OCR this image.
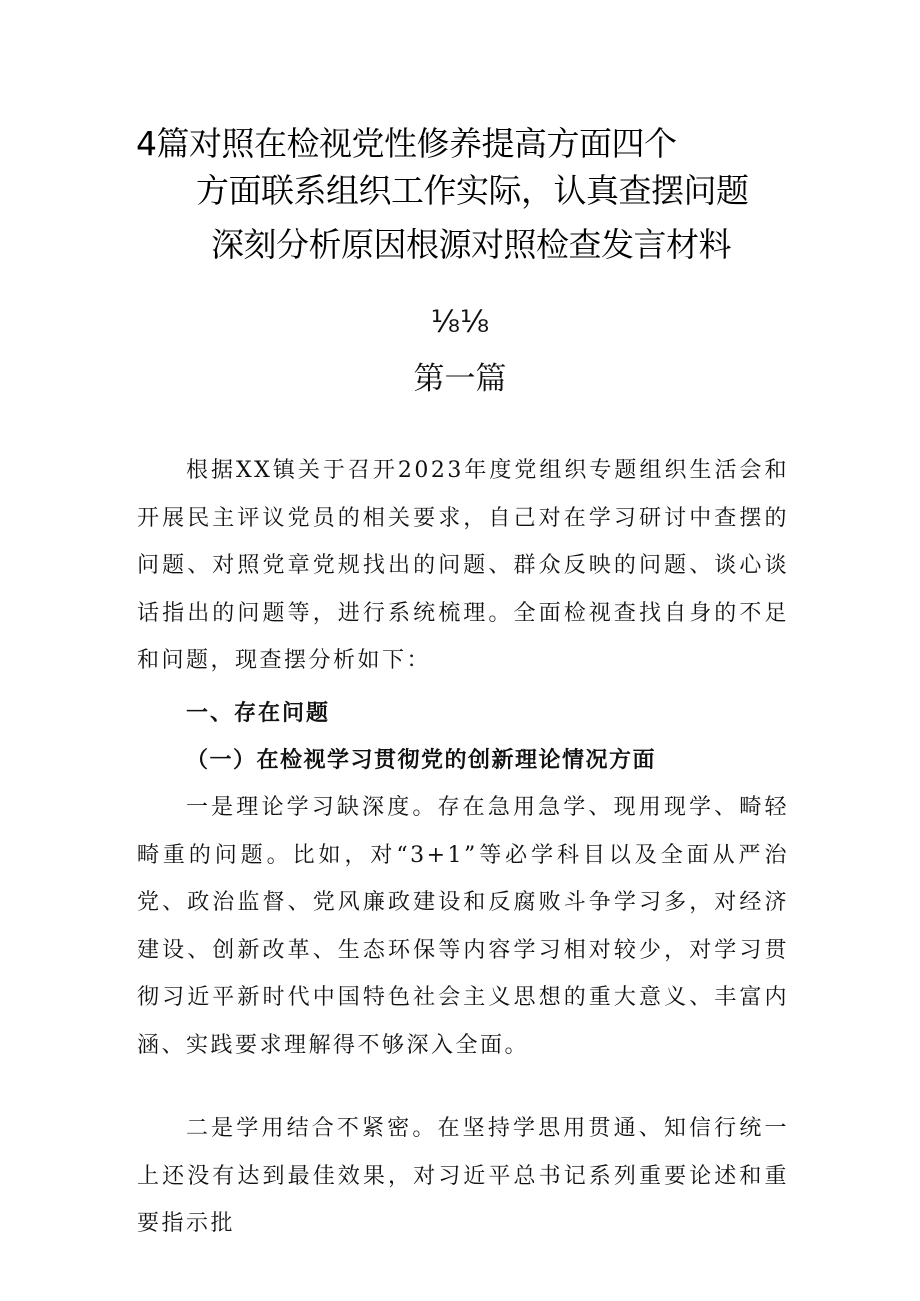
4篇对照在检视党性修养提高方面四个
方面联系组织工作实际，认真查摆问题
深刻分析原因根源对照检查发言材料
⅛⅛
第一篇

根据XX镇关于召开2023年度党组织专题组织生活会和开展民主评议党员的相关要求，自己对在学习研讨中查摆的问题、对照党章党规找出的问题、群众反映的问题、谈心谈话指出的问题等，进行系统梳理。全面检视查找自身的不足和问题，现查摆分析如下：

一、存在问题
（一）在检视学习贯彻党的创新理论情况方面

一是理论学习缺深度。存在急用急学、现用现学、畸轻畸重的问题。比如，对“3+1”等必学科目以及全面从严治党、政治监督、党风廉政建设和反腐败斗争学习多，对经济建设、创新改革、生态环保等内容学习相对较少，对学习贯彻习近平新时代中国特色社会主义思想的重大意义、丰富内涵、实践要求理解得不够深入全面。

二是学用结合不紧密。在坚持学思用贯通、知信行统一上还没有达到最佳效果，对习近平总书记系列重要论述和重要指示批
